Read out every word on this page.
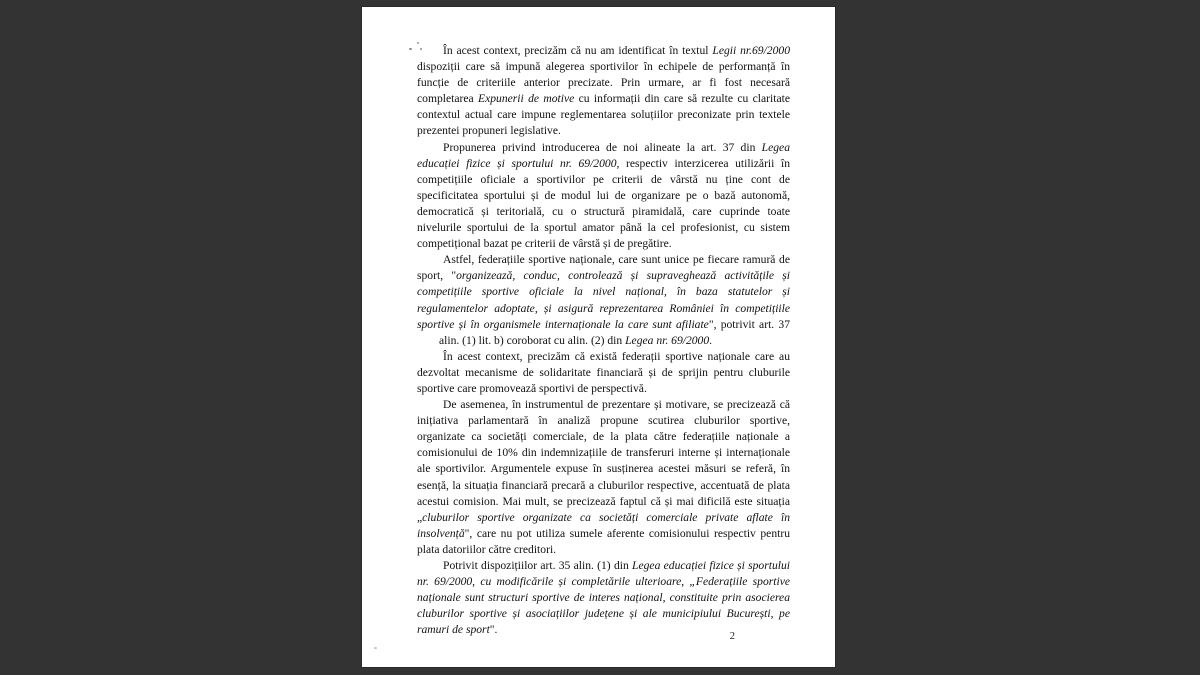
În acest context, precizăm că nu am identificat în textul Legii nr.69/2000 dispoziții care să impună alegerea sportivilor în echipele de performanță în funcție de criteriile anterior precizate. Prin urmare, ar fi fost necesară completarea Expunerii de motive cu informații din care să rezulte cu claritate contextul actual care impune reglementarea soluțiilor preconizate prin textele prezentei propuneri legislative.

Propunerea privind introducerea de noi alineate la art. 37 din Legea educației fizice și sportului nr. 69/2000, respectiv interzicerea utilizării în competițiile oficiale a sportivilor pe criterii de vârstă nu ține cont de specificitatea sportului și de modul lui de organizare pe o bază autonomă, democratică și teritorială, cu o structură piramidală, care cuprinde toate nivelurile sportului de la sportul amator până la cel profesionist, cu sistem competițional bazat pe criterii de vârstă și de pregătire.

Astfel, federațiile sportive naționale, care sunt unice pe fiecare ramură de sport, "organizează, conduc, controlează și supraveghează activitățile și competițiile sportive oficiale la nivel național, în baza statutelor și regulamentelor adoptate, și asigură reprezentarea României în competițiile sportive și în organismele internaționale la care sunt afiliate", potrivit art. 37alin. (1) lit. b) coroborat cu alin. (2) din Legea nr. 69/2000.

În acest context, precizăm că există federații sportive naționale care au dezvoltat mecanisme de solidaritate financiară și de sprijin pentru cluburile sportive care promovează sportivi de perspectivă.

De asemenea, în instrumentul de prezentare și motivare, se precizează că inițiativa parlamentară în analiză propune scutirea cluburilor sportive, organizate ca societăți comerciale, de la plata către federațiile naționale a comisionului de 10% din indemnizațiile de transferuri interne și internaționale ale sportivilor. Argumentele expuse în susținerea acestei măsuri se referă, în esență, la situația financiară precară a cluburilor respective, accentuată de plata acestui comision. Mai mult, se precizează faptul că și mai dificilă este situația „cluburilor sportive organizate ca societăți comerciale private aflate în insolvență", care nu pot utiliza sumele aferente comisionului respectiv pentru plata datoriilor către creditori.

Potrivit dispozițiilor art. 35 alin. (1) din Legea educației fizice și sportului nr. 69/2000, cu modificările și completările ulterioare, „Federațiile sportive naționale sunt structuri sportive de interes național, constituite prin asocierea cluburilor sportive și asociațiilor județene și ale municipiului București, pe ramuri de sport".

2
